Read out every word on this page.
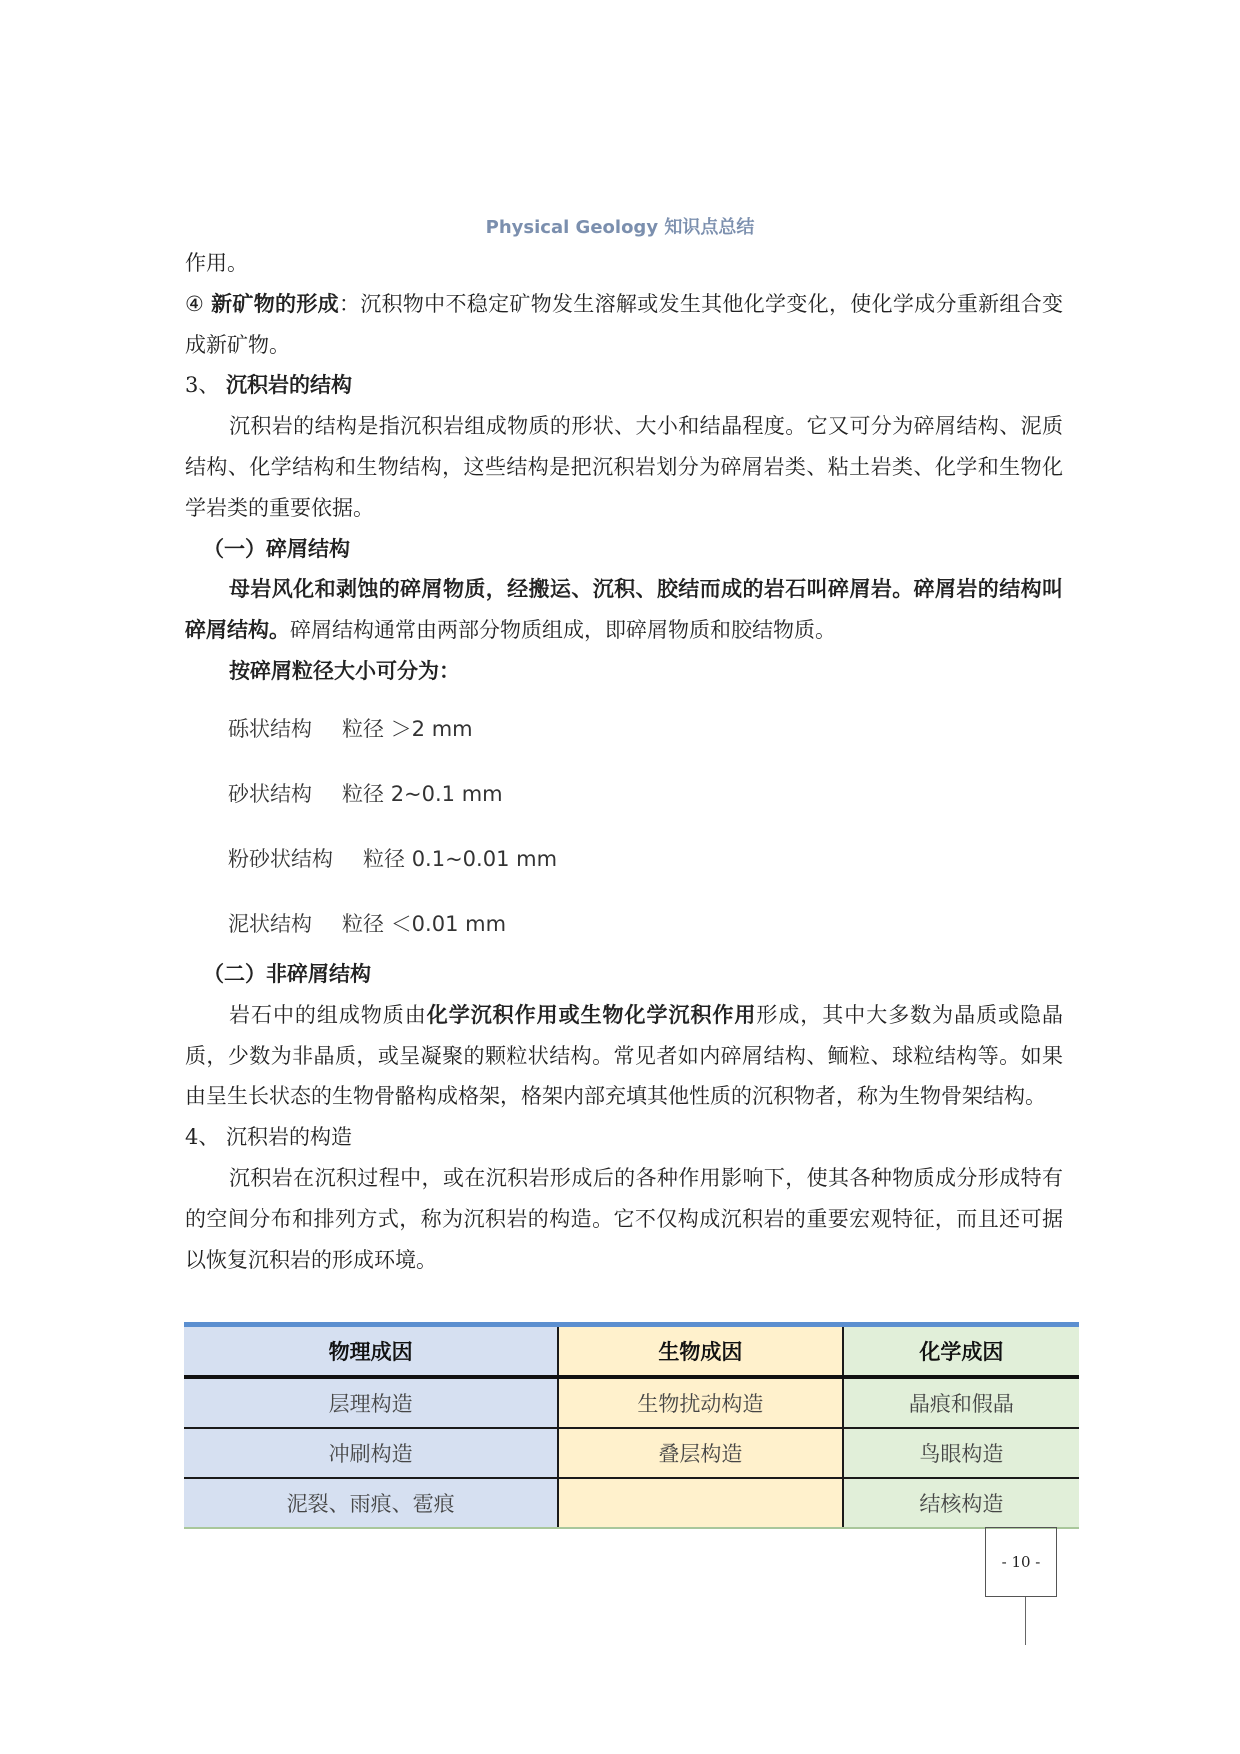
Physical Geology 知识点总结
作用。
④ 新矿物的形成：沉积物中不稳定矿物发生溶解或发生其他化学变化，使化学成分重新组合变成新矿物。
3、 沉积岩的结构
沉积岩的结构是指沉积岩组成物质的形状、大小和结晶程度。它又可分为碎屑结构、泥质结构、化学结构和生物结构，这些结构是把沉积岩划分为碎屑岩类、粘土岩类、化学和生物化学岩类的重要依据。
（一）碎屑结构
母岩风化和剥蚀的碎屑物质，经搬运、沉积、胶结而成的岩石叫碎屑岩。碎屑岩的结构叫碎屑结构。碎屑结构通常由两部分物质组成，即碎屑物质和胶结物质。
按碎屑粒径大小可分为：
砾状结构 粒径 ＞2 mm
砂状结构 粒径 2~0.1 mm
粉砂状结构 粒径 0.1~0.01 mm
泥状结构 粒径 ＜0.01 mm
（二）非碎屑结构
岩石中的组成物质由化学沉积作用或生物化学沉积作用形成，其中大多数为晶质或隐晶质，少数为非晶质，或呈凝聚的颗粒状结构。常见者如内碎屑结构、鲕粒、球粒结构等。如果由呈生长状态的生物骨骼构成格架，格架内部充填其他性质的沉积物者，称为生物骨架结构。
4、 沉积岩的构造
沉积岩在沉积过程中，或在沉积岩形成后的各种作用影响下，使其各种物质成分形成特有的空间分布和排列方式，称为沉积岩的构造。它不仅构成沉积岩的重要宏观特征，而且还可据以恢复沉积岩的形成环境。
物理成因	生物成因	化学成因
层理构造	生物扰动构造	晶痕和假晶
冲刷构造	叠层构造	鸟眼构造
泥裂、雨痕、雹痕		结核构造
- 10 -
